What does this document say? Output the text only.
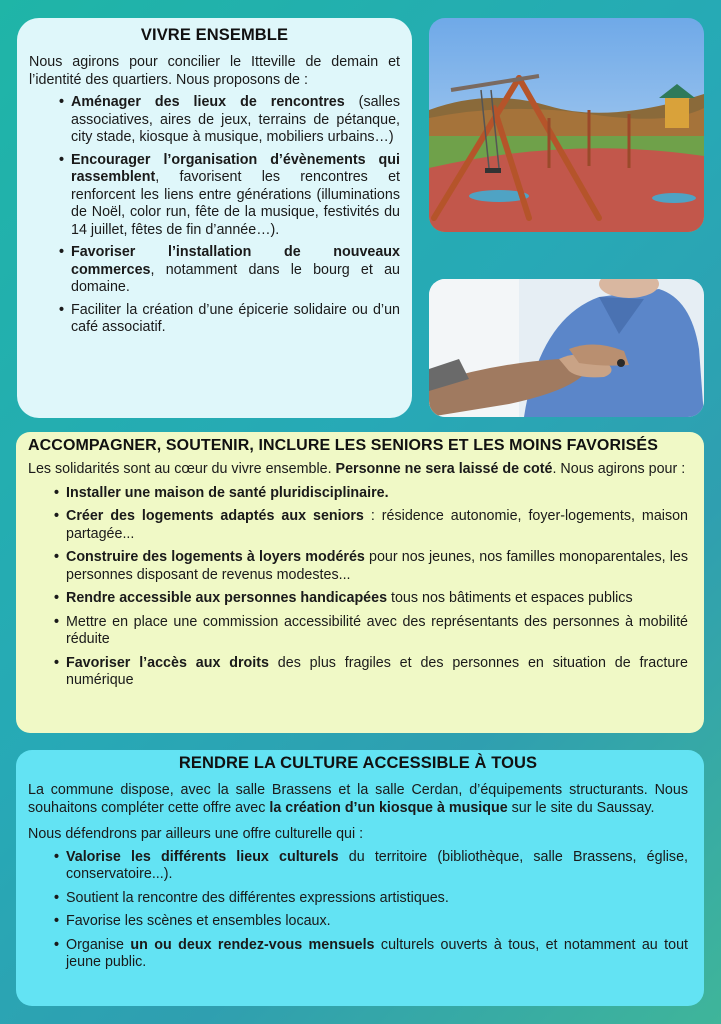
VIVRE ENSEMBLE

Nous agirons pour concilier le Itteville de demain et l’identité des quartiers. Nous proposons de :

• Aménager des lieux de rencontres (salles associatives, aires de jeux, terrains de pétanque, city stade, kiosque à musique, mobiliers urbains…)
• Encourager l’organisation d’évènements qui rassemblent, favorisent les rencontres et renforcent les liens entre générations (illuminations de Noël, color run, fête de la musique, festivités du 14 juillet, fêtes de fin d’année…).
• Favoriser l’installation de nouveaux commerces, notamment dans le bourg et au domaine.
• Faciliter la création d’une épicerie solidaire ou d’un café associatif.
ACCOMPAGNER, SOUTENIR, INCLURE LES SENIORS ET LES MOINS FAVORISÉS

Les solidarités sont au cœur du vivre ensemble. Personne ne sera laissé de coté. Nous agirons pour :

• Installer une maison de santé pluridisciplinaire.
• Créer des logements adaptés aux seniors : résidence autonomie, foyer-logements, maison partagée...
• Construire des logements à loyers modérés pour nos jeunes, nos familles monoparentales, les personnes disposant de revenus modestes...
• Rendre accessible aux personnes handicapées tous nos bâtiments et espaces publics
• Mettre en place une commission accessibilité avec des représentants des personnes à mobilité réduite
• Favoriser l’accès aux droits des plus fragiles et des personnes en situation de fracture numérique
RENDRE LA CULTURE ACCESSIBLE À TOUS

La commune dispose, avec la salle Brassens et la salle Cerdan, d’équipements structurants. Nous souhaitons compléter cette offre avec la création d’un kiosque à musique sur le site du Saussay.

Nous défendrons par ailleurs une offre culturelle qui :

• Valorise les différents lieux culturels du territoire (bibliothèque, salle Brassens, église, conservatoire...).
• Soutient la rencontre des différentes expressions artistiques.
• Favorise les scènes et ensembles locaux.
• Organise un ou deux rendez-vous mensuels culturels ouverts à tous, et notamment au tout jeune public.
